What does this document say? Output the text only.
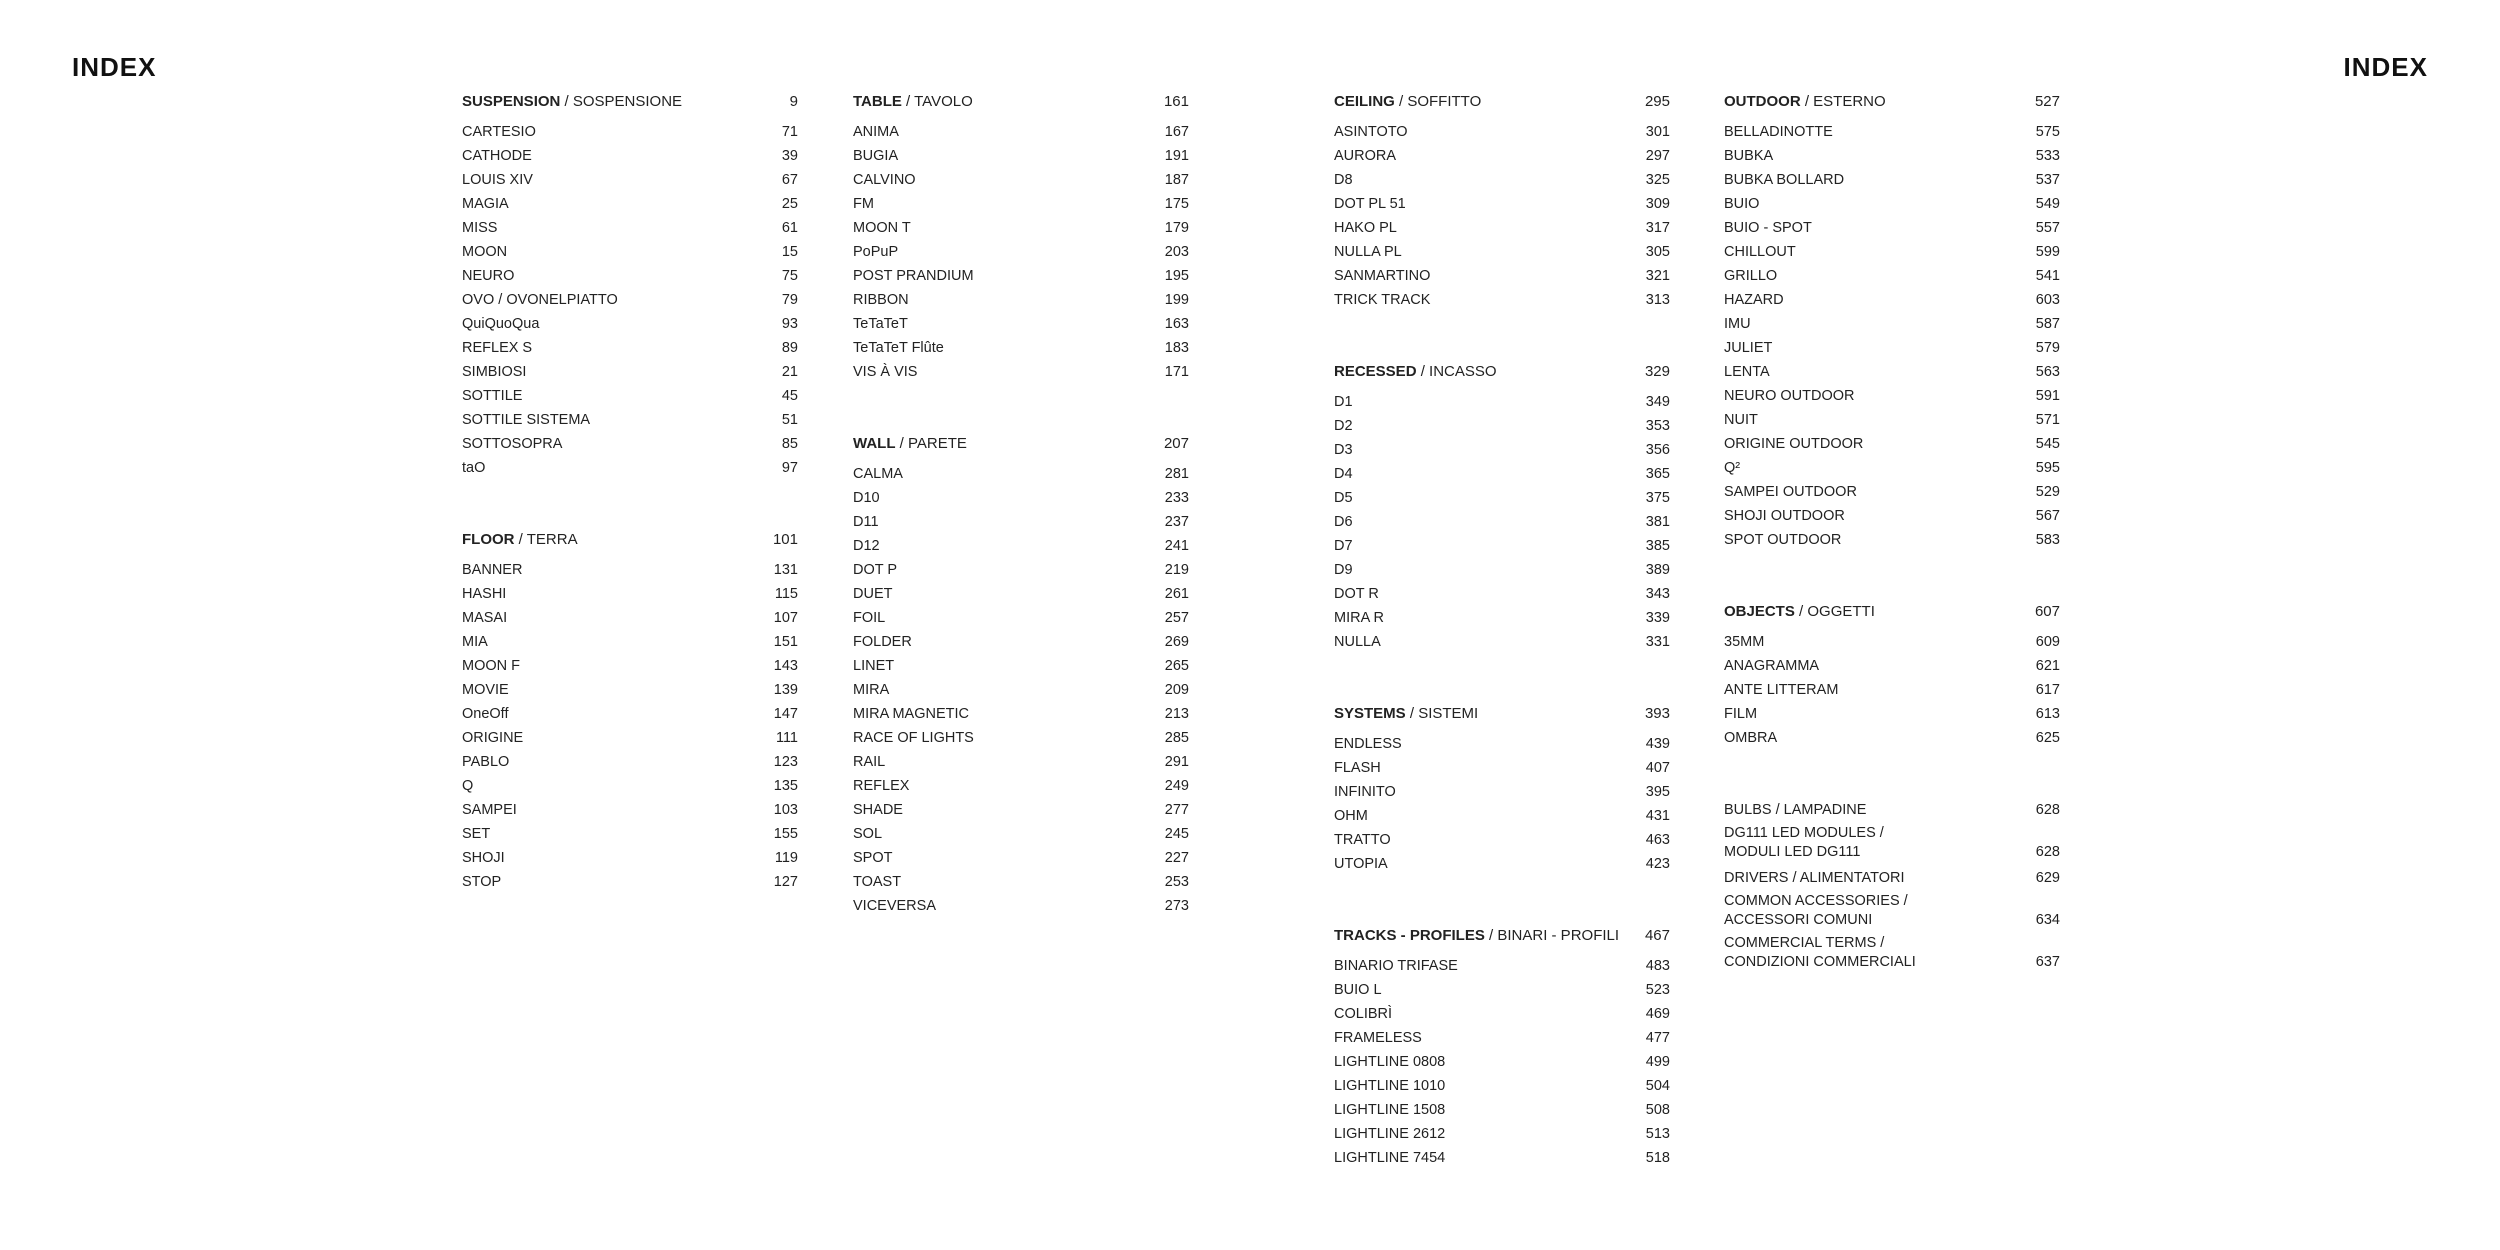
INDEX	INDEX
SUSPENSION / SOSPENSIONE	9
CARTESIO	71
CATHODE	39
LOUIS XIV	67
MAGIA	25
MISS	61
MOON	15
NEURO	75
OVO / OVONELPIATTO	79
QuiQuoQua	93
REFLEX S	89
SIMBIOSI	21
SOTTILE	45
SOTTILE SISTEMA	51
SOTTOSOPRA	85
taO	97
FLOOR / TERRA	101
BANNER	131
HASHI	115
MASAI	107
MIA	151
MOON F	143
MOVIE	139
OneOff	147
ORIGINE	111
PABLO	123
Q	135
SAMPEI	103
SET	155
SHOJI	119
STOP	127
TABLE / TAVOLO	161
ANIMA	167
BUGIA	191
CALVINO	187
FM	175
MOON T	179
PoPuP	203
POST PRANDIUM	195
RIBBON	199
TeTaTeT	163
TeTaTeT Flûte	183
VIS À VIS	171
WALL / PARETE	207
CALMA	281
D10	233
D11	237
D12	241
DOT P	219
DUET	261
FOIL	257
FOLDER	269
LINET	265
MIRA	209
MIRA MAGNETIC	213
RACE OF LIGHTS	285
RAIL	291
REFLEX	249
SHADE	277
SOL	245
SPOT	227
TOAST	253
VICEVERSA	273
CEILING / SOFFITTO	295
ASINTOTO	301
AURORA	297
D8	325
DOT PL 51	309
HAKO PL	317
NULLA PL	305
SANMARTINO	321
TRICK TRACK	313
RECESSED / INCASSO	329
D1	349
D2	353
D3	356
D4	365
D5	375
D6	381
D7	385
D9	389
DOT R	343
MIRA R	339
NULLA	331
SYSTEMS / SISTEMI	393
ENDLESS	439
FLASH	407
INFINITO	395
OHM	431
TRATTO	463
UTOPIA	423
TRACKS - PROFILES / BINARI - PROFILI 467
BINARIO TRIFASE	483
BUIO L	523
COLIBRÌ	469
FRAMELESS	477
LIGHTLINE 0808	499
LIGHTLINE 1010	504
LIGHTLINE 1508	508
LIGHTLINE 2612	513
LIGHTLINE 7454	518
OUTDOOR / ESTERNO	527
BELLADINOTTE	575
BUBKA	533
BUBKA BOLLARD	537
BUIO	549
BUIO - SPOT	557
CHILLOUT	599
GRILLO	541
HAZARD	603
IMU	587
JULIET	579
LENTA	563
NEURO OUTDOOR	591
NUIT	571
ORIGINE OUTDOOR	545
Q²	595
SAMPEI OUTDOOR	529
SHOJI OUTDOOR	567
SPOT OUTDOOR	583
OBJECTS / OGGETTI	607
35MM	609
ANAGRAMMA	621
ANTE LITTERAM	617
FILM	613
OMBRA	625
BULBS / LAMPADINE	628
DG111 LED MODULES /
MODULI LED DG111	628
DRIVERS / ALIMENTATORI	629
COMMON ACCESSORIES /
ACCESSORI COMUNI	634
COMMERCIAL TERMS /
CONDIZIONI COMMERCIALI	637
